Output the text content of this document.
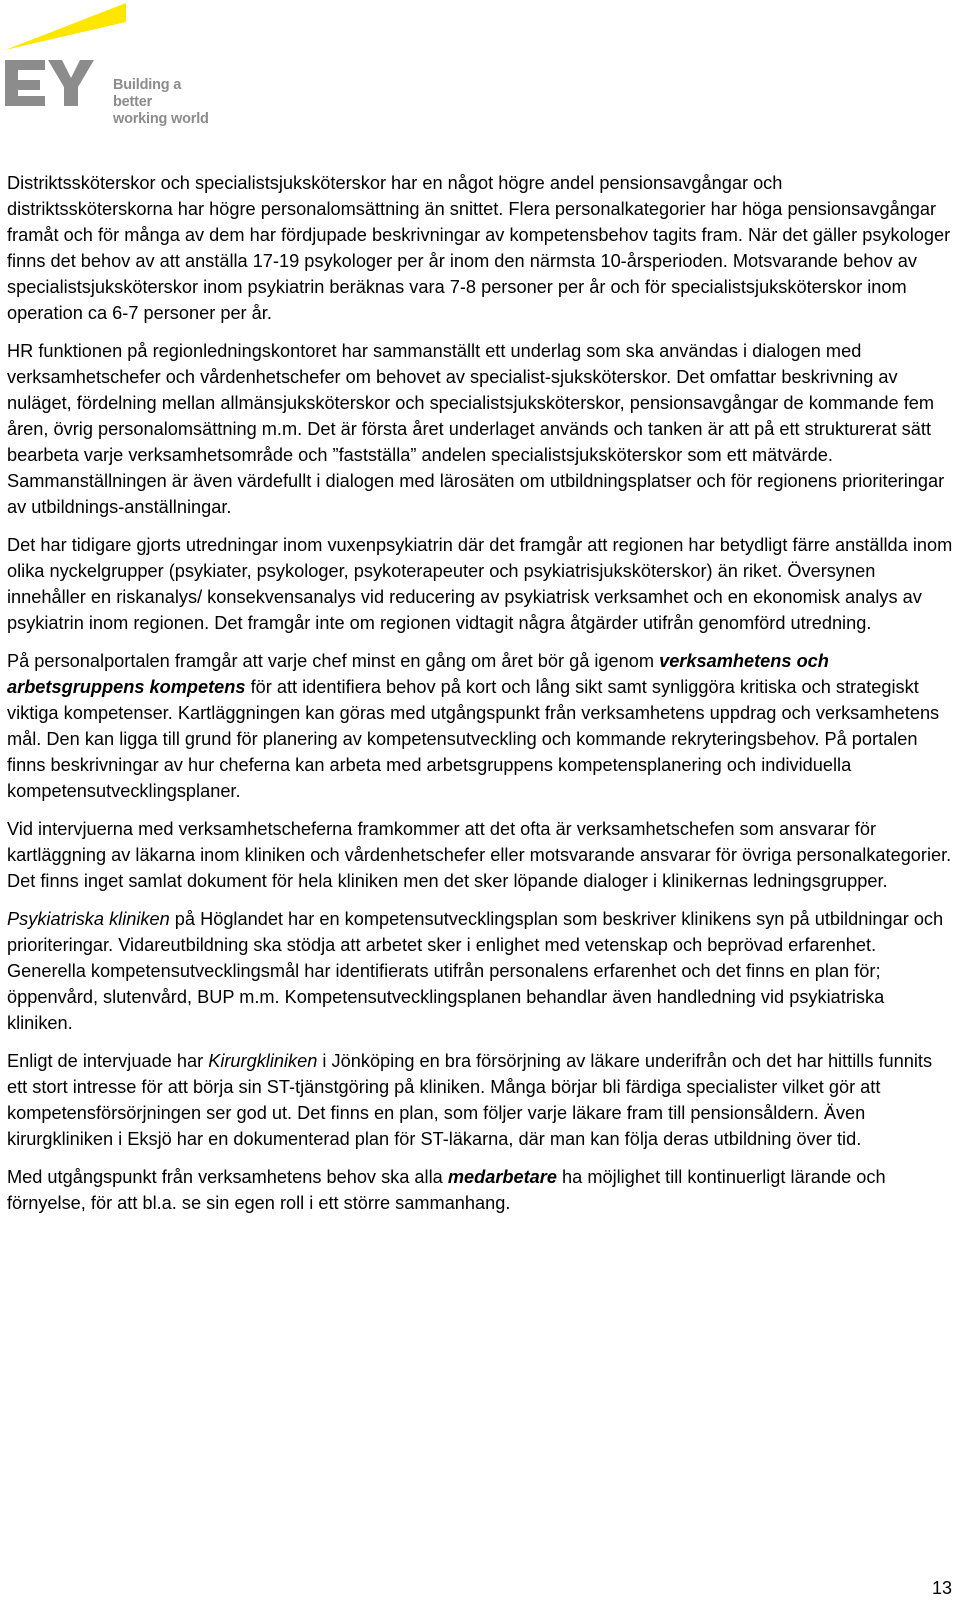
Building a better
working world

Distriktssköterskor och specialistsjuksköterskor har en något högre andel pensionsavgångar och distriktssköterskorna har högre personalomsättning än snittet. Flera personalkategorier har höga pensionsavgångar framåt och för många av dem har fördjupade beskrivningar av kompetensbehov tagits fram. När det gäller psykologer finns det behov av att anställa 17-19 psykologer per år inom den närmsta 10-årsperioden. Motsvarande behov av specialistsjuksköterskor inom psykiatrin beräknas vara 7-8 personer per år och för specialistsjuksköterskor inom operation ca 6-7 personer per år.

HR funktionen på regionledningskontoret har sammanställt ett underlag som ska användas i dialogen med verksamhetschefer och vårdenhetschefer om behovet av specialist-sjuksköterskor. Det omfattar beskrivning av nuläget, fördelning mellan allmänsjuksköterskor och specialistsjuksköterskor, pensionsavgångar de kommande fem åren, övrig personalomsättning m.m. Det är första året underlaget används och tanken är att på ett strukturerat sätt bearbeta varje verksamhetsområde och ”fastställa” andelen specialistsjuksköterskor som ett mätvärde. Sammanställningen är även värdefullt i dialogen med lärosäten om utbildningsplatser och för regionens prioriteringar av utbildnings-anställningar.

Det har tidigare gjorts utredningar inom vuxenpsykiatrin där det framgår att regionen har betydligt färre anställda inom olika nyckelgrupper (psykiater, psykologer, psykoterapeuter och psykiatrisjuksköterskor) än riket. Översynen innehåller en riskanalys/ konsekvensanalys vid reducering av psykiatrisk verksamhet och en ekonomisk analys av psykiatrin inom regionen. Det framgår inte om regionen vidtagit några åtgärder utifrån genomförd utredning.

På personalportalen framgår att varje chef minst en gång om året bör gå igenom verksamhetens och arbetsgruppens kompetens för att identifiera behov på kort och lång sikt samt synliggöra kritiska och strategiskt viktiga kompetenser. Kartläggningen kan göras med utgångspunkt från verksamhetens uppdrag och verksamhetens mål. Den kan ligga till grund för planering av kompetensutveckling och kommande rekryteringsbehov. På portalen finns beskrivningar av hur cheferna kan arbeta med arbetsgruppens kompetensplanering och individuella kompetensutvecklingsplaner.

Vid intervjuerna med verksamhetscheferna framkommer att det ofta är verksamhetschefen som ansvarar för kartläggning av läkarna inom kliniken och vårdenhetschefer eller motsvarande ansvarar för övriga personalkategorier. Det finns inget samlat dokument för hela kliniken men det sker löpande dialoger i klinikernas ledningsgrupper.

Psykiatriska kliniken på Höglandet har en kompetensutvecklingsplan som beskriver klinikens syn på utbildningar och prioriteringar. Vidareutbildning ska stödja att arbetet sker i enlighet med vetenskap och beprövad erfarenhet. Generella kompetensutvecklingsmål har identifierats utifrån personalens erfarenhet och det finns en plan för; öppenvård, slutenvård, BUP m.m. Kompetensutvecklingsplanen behandlar även handledning vid psykiatriska kliniken.

Enligt de intervjuade har Kirurgkliniken i Jönköping en bra försörjning av läkare underifrån och det har hittills funnits ett stort intresse för att börja sin ST-tjänstgöring på kliniken. Många börjar bli färdiga specialister vilket gör att kompetensförsörjningen ser god ut. Det finns en plan, som följer varje läkare fram till pensionsåldern. Även kirurgkliniken i Eksjö har en dokumenterad plan för ST-läkarna, där man kan följa deras utbildning över tid.

Med utgångspunkt från verksamhetens behov ska alla medarbetare ha möjlighet till kontinuerligt lärande och förnyelse, för att bl.a. se sin egen roll i ett större sammanhang.

13
